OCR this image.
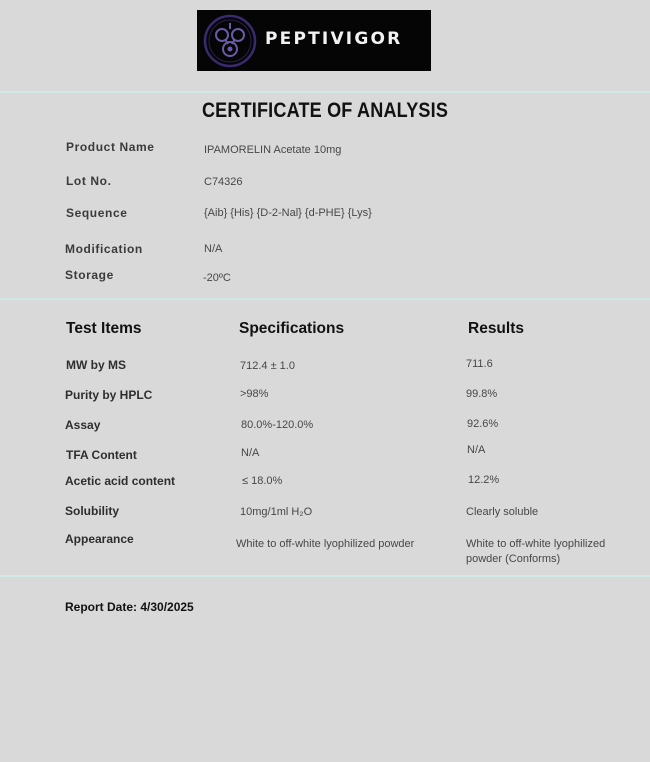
PEPTIVIGOR
CERTIFICATE OF ANALYSIS
Product Name	IPAMORELIN Acetate 10mg
Lot No.	C74326
Sequence	{Aib} {His} {D-2-Nal} {d-PHE} {Lys}
Modification	N/A
Storage	-20ºC
Test Items	Specifications	Results
MW by MS	712.4 ± 1.0	711.6
Purity by HPLC	>98%	99.8%
Assay	80.0%-120.0%	92.6%
TFA Content	N/A	N/A
Acetic acid content	≤ 18.0%	12.2%
Solubility	10mg/1ml H₂O	Clearly soluble
Appearance	White to off-white lyophilized powder	White to off-white lyophilized powder (Conforms)
Report Date: 4/30/2025
